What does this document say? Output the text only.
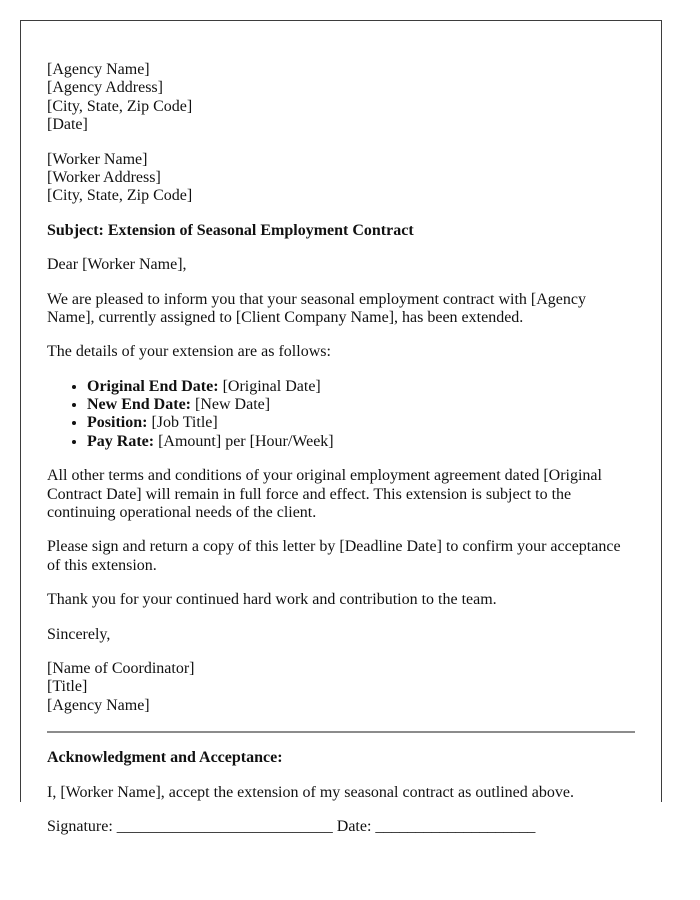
[Agency Name]
[Agency Address]
[City, State, Zip Code]
[Date]

[Worker Name]
[Worker Address]
[City, State, Zip Code]

Subject: Extension of Seasonal Employment Contract

Dear [Worker Name],

We are pleased to inform you that your seasonal employment contract with [Agency Name], currently assigned to [Client Company Name], has been extended.

The details of your extension are as follows:

• Original End Date: [Original Date]
• New End Date: [New Date]
• Position: [Job Title]
• Pay Rate: [Amount] per [Hour/Week]

All other terms and conditions of your original employment agreement dated [Original Contract Date] will remain in full force and effect. This extension is subject to the continuing operational needs of the client.

Please sign and return a copy of this letter by [Deadline Date] to confirm your acceptance of this extension.

Thank you for your continued hard work and contribution to the team.

Sincerely,

[Name of Coordinator]
[Title]
[Agency Name]

Acknowledgment and Acceptance:

I, [Worker Name], accept the extension of my seasonal contract as outlined above.

Signature: ___________________________ Date: ____________________
